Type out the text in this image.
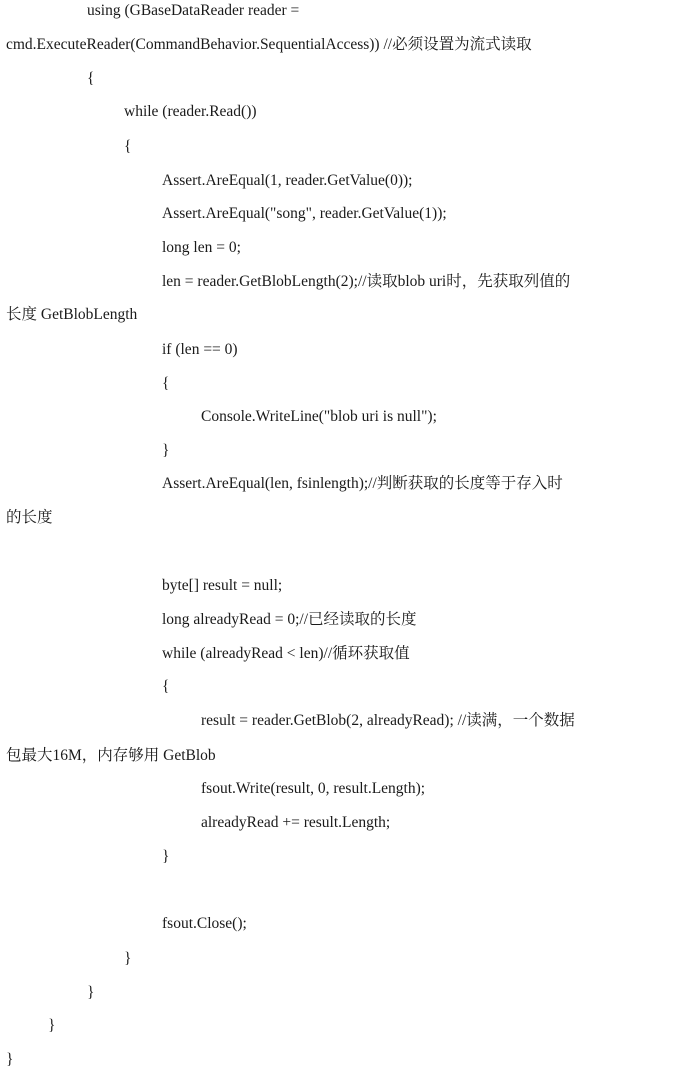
using (GBaseDataReader reader =
cmd.ExecuteReader(CommandBehavior.SequentialAccess)) //必须设置为流式读取
{
while (reader.Read())
{
Assert.AreEqual(1, reader.GetValue(0));
Assert.AreEqual("song", reader.GetValue(1));
long len = 0;
len = reader.GetBlobLength(2);//读取blob uri时，先获取列值的
长度 GetBlobLength
if (len == 0)
{
Console.WriteLine("blob uri is null");
}
Assert.AreEqual(len, fsinlength);//判断获取的长度等于存入时
的长度
byte[] result = null;
long alreadyRead = 0;//已经读取的长度
while (alreadyRead < len)//循环获取值
{
result = reader.GetBlob(2, alreadyRead); //读满，一个数据
包最大16M，内存够用 GetBlob
fsout.Write(result, 0, result.Length);
alreadyRead += result.Length;
}
fsout.Close();
}
}
}
}
